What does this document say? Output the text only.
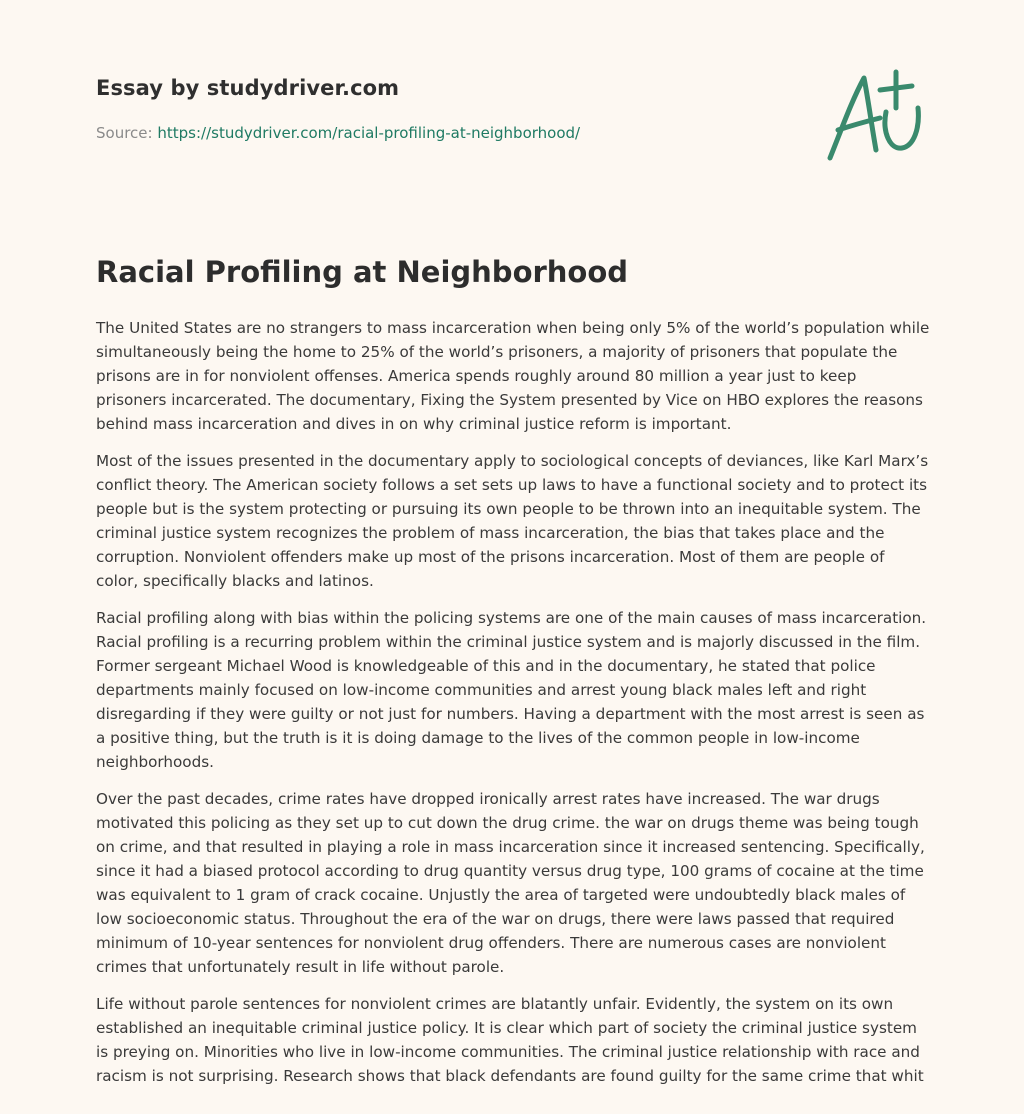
Essay by studydriver.com
Source: https://studydriver.com/racial-profiling-at-neighborhood/
Racial Profiling at Neighborhood

The United States are no strangers to mass incarceration when being only 5% of the world’s population while simultaneously being the home to 25% of the world’s prisoners, a majority of prisoners that populate the prisons are in for nonviolent offenses. America spends roughly around 80 million a year just to keep prisoners incarcerated. The documentary, Fixing the System presented by Vice on HBO explores the reasons behind mass incarceration and dives in on why criminal justice reform is important.

Most of the issues presented in the documentary apply to sociological concepts of deviances, like Karl Marx’s conflict theory. The American society follows a set sets up laws to have a functional society and to protect its people but is the system protecting or pursuing its own people to be thrown into an inequitable system. The criminal justice system recognizes the problem of mass incarceration, the bias that takes place and the corruption. Nonviolent offenders make up most of the prisons incarceration. Most of them are people of color, specifically blacks and latinos.

Racial profiling along with bias within the policing systems are one of the main causes of mass incarceration. Racial profiling is a recurring problem within the criminal justice system and is majorly discussed in the film. Former sergeant Michael Wood is knowledgeable of this and in the documentary, he stated that police departments mainly focused on low-income communities and arrest young black males left and right disregarding if they were guilty or not just for numbers. Having a department with the most arrest is seen as a positive thing, but the truth is it is doing damage to the lives of the common people in low-income neighborhoods.

Over the past decades, crime rates have dropped ironically arrest rates have increased. The war drugs motivated this policing as they set up to cut down the drug crime. the war on drugs theme was being tough on crime, and that resulted in playing a role in mass incarceration since it increased sentencing. Specifically, since it had a biased protocol according to drug quantity versus drug type, 100 grams of cocaine at the time was equivalent to 1 gram of crack cocaine. Unjustly the area of targeted were undoubtedly black males of low socioeconomic status. Throughout the era of the war on drugs, there were laws passed that required minimum of 10-year sentences for nonviolent drug offenders. There are numerous cases are nonviolent crimes that unfortunately result in life without parole.

Life without parole sentences for nonviolent crimes are blatantly unfair. Evidently, the system on its own established an inequitable criminal justice policy. It is clear which part of society the criminal justice system is preying on. Minorities who live in low-income communities. The criminal justice relationship with race and racism is not surprising. Research shows that black defendants are found guilty for the same crime that whit
